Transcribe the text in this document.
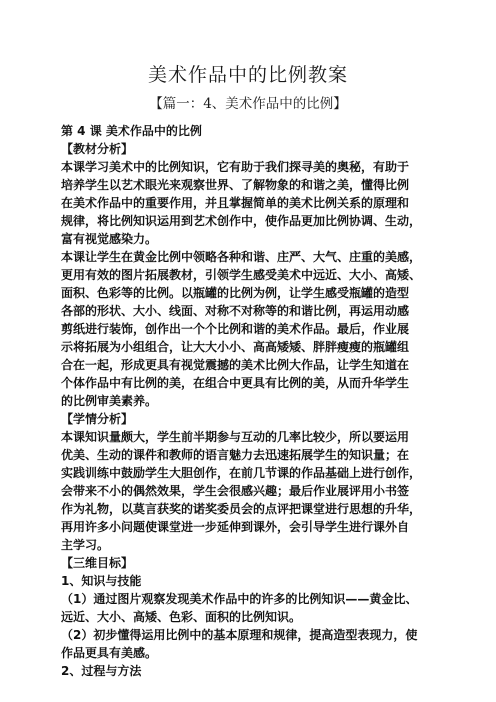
美术作品中的比例教案
【篇一：4、美术作品中的比例】
第 4 课 美术作品中的比例
【教材分析】
本课学习美术中的比例知识，它有助于我们探寻美的奥秘，有助于
培养学生以艺术眼光来观察世界、了解物象的和谐之美，懂得比例
在美术作品中的重要作用，并且掌握简单的美术比例关系的原理和
规律，将比例知识运用到艺术创作中，使作品更加比例协调、生动，
富有视觉感染力。
本课让学生在黄金比例中领略各种和谐、庄严、大气、庄重的美感，
更用有效的图片拓展教材，引领学生感受美术中远近、大小、高矮、
面积、色彩等的比例。以瓶罐的比例为例，让学生感受瓶罐的造型
各部的形状、大小、线面、对称不对称等的和谐比例，再运用动感
剪纸进行装饰，创作出一个个比例和谐的美术作品。最后，作业展
示将拓展为小组组合，让大大小小、高高矮矮、胖胖瘦瘦的瓶罐组
合在一起，形成更具有视觉震撼的美术比例大作品，让学生知道在
个体作品中有比例的美，在组合中更具有比例的美，从而升华学生
的比例审美素养。
【学情分析】
本课知识量颇大，学生前半期参与互动的几率比较少，所以要运用
优美、生动的课件和教师的语言魅力去迅速拓展学生的知识量；在
实践训练中鼓励学生大胆创作，在前几节课的作品基础上进行创作，
会带来不小的偶然效果，学生会很感兴趣；最后作业展评用小书签
作为礼物，以莫言获奖的诺奖委员会的点评把课堂进行思想的升华，
再用许多小问题使课堂进一步延伸到课外，会引导学生进行课外自
主学习。
【三维目标】
1、知识与技能
（1）通过图片观察发现美术作品中的许多的比例知识——黄金比、
远近、大小、高矮、色彩、面积的比例知识。
（2）初步懂得运用比例中的基本原理和规律，提高造型表现力，使
作品更具有美感。
2、过程与方法
